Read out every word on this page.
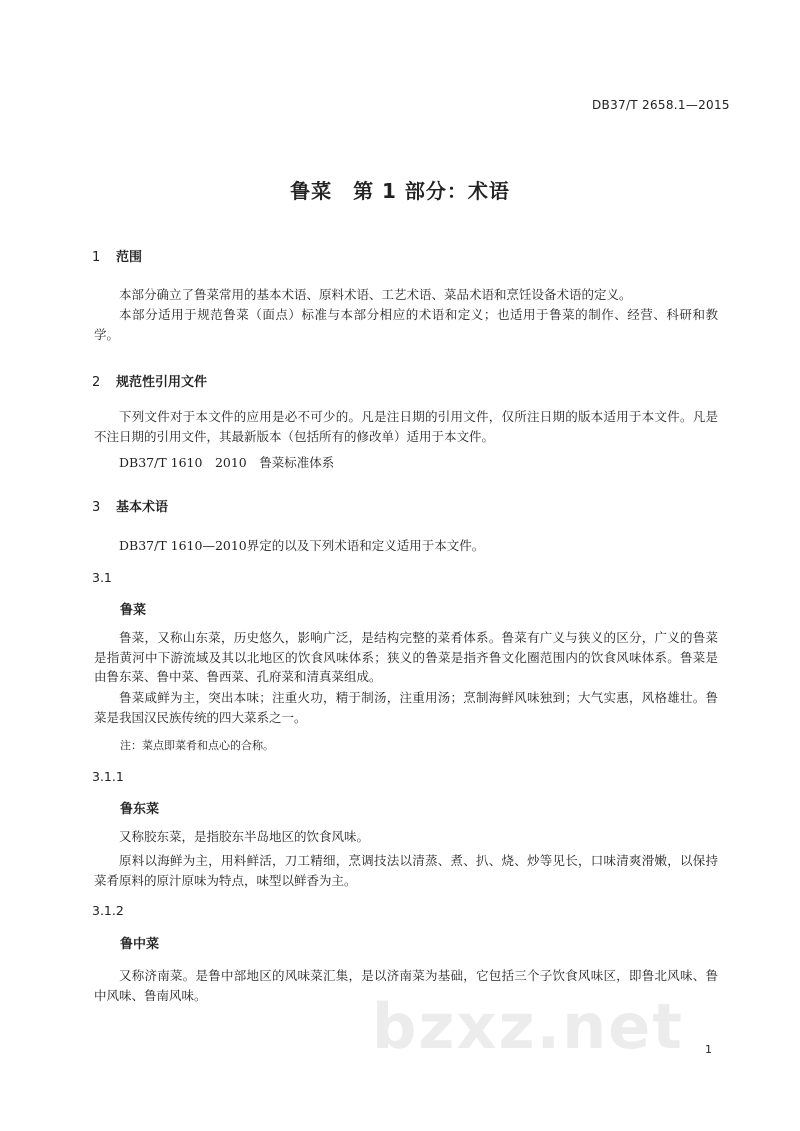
DB37/T 2658.1—2015
鲁菜　第 1 部分：术语
1 范围
本部分确立了鲁菜常用的基本术语、原料术语、工艺术语、菜品术语和烹饪设备术语的定义。
本部分适用于规范鲁菜（面点）标准与本部分相应的术语和定义；也适用于鲁菜的制作、经营、科研和教学。
2 规范性引用文件
下列文件对于本文件的应用是必不可少的。凡是注日期的引用文件，仅所注日期的版本适用于本文件。凡是不注日期的引用文件，其最新版本（包括所有的修改单）适用于本文件。
DB37/T 1610　2010　鲁菜标准体系
3 基本术语
DB37/T 1610—2010界定的以及下列术语和定义适用于本文件。
3.1
鲁菜
鲁菜，又称山东菜，历史悠久，影响广泛，是结构完整的菜肴体系。鲁菜有广义与狭义的区分，广义的鲁菜是指黄河中下游流域及其以北地区的饮食风味体系；狭义的鲁菜是指齐鲁文化圈范围内的饮食风味体系。鲁菜是由鲁东菜、鲁中菜、鲁西菜、孔府菜和清真菜组成。
鲁菜咸鲜为主，突出本味；注重火功，精于制汤，注重用汤；烹制海鲜风味独到；大气实惠，风格雄壮。鲁菜是我国汉民族传统的四大菜系之一。
注：菜点即菜肴和点心的合称。
3.1.1
鲁东菜
又称胶东菜，是指胶东半岛地区的饮食风味。
原料以海鲜为主，用料鲜活，刀工精细，烹调技法以清蒸、煮、扒、烧、炒等见长，口味清爽滑嫩，以保持菜肴原料的原汁原味为特点，味型以鲜香为主。
3.1.2
鲁中菜
又称济南菜。是鲁中部地区的风味菜汇集，是以济南菜为基础，它包括三个子饮食风味区，即鲁北风味、鲁中风味、鲁南风味。	bzxz.net 1
